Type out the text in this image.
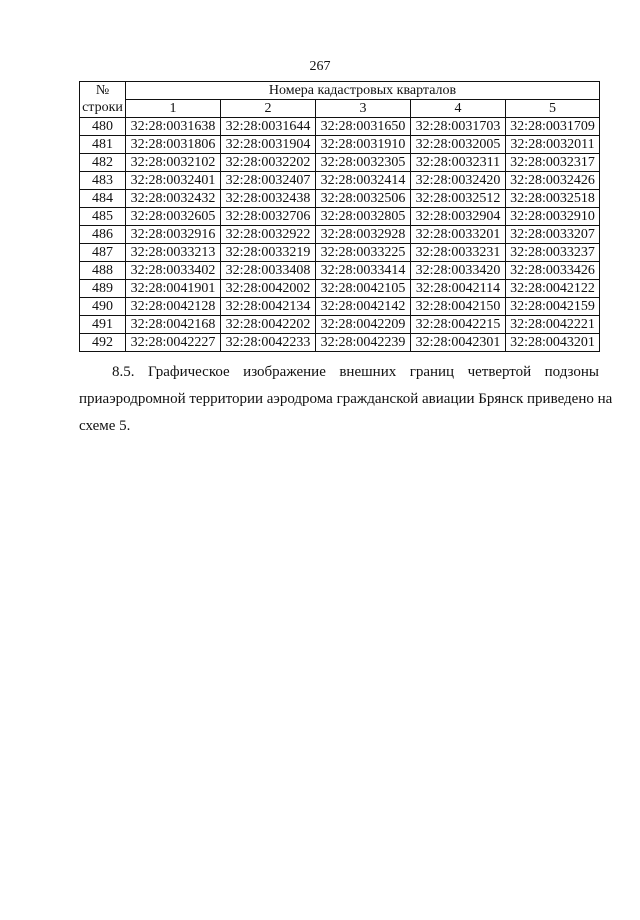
267
№
строки	Номера кадастровых кварталов				
	1	2	3	4	5
480	32:28:0031638	32:28:0031644	32:28:0031650	32:28:0031703	32:28:0031709
481	32:28:0031806	32:28:0031904	32:28:0031910	32:28:0032005	32:28:0032011
482	32:28:0032102	32:28:0032202	32:28:0032305	32:28:0032311	32:28:0032317
483	32:28:0032401	32:28:0032407	32:28:0032414	32:28:0032420	32:28:0032426
484	32:28:0032432	32:28:0032438	32:28:0032506	32:28:0032512	32:28:0032518
485	32:28:0032605	32:28:0032706	32:28:0032805	32:28:0032904	32:28:0032910
486	32:28:0032916	32:28:0032922	32:28:0032928	32:28:0033201	32:28:0033207
487	32:28:0033213	32:28:0033219	32:28:0033225	32:28:0033231	32:28:0033237
488	32:28:0033402	32:28:0033408	32:28:0033414	32:28:0033420	32:28:0033426
489	32:28:0041901	32:28:0042002	32:28:0042105	32:28:0042114	32:28:0042122
490	32:28:0042128	32:28:0042134	32:28:0042142	32:28:0042150	32:28:0042159
491	32:28:0042168	32:28:0042202	32:28:0042209	32:28:0042215	32:28:0042221
492	32:28:0042227	32:28:0042233	32:28:0042239	32:28:0042301	32:28:0043201
8.5. Графическое изображение внешних границ четвертой подзоны
приаэродромной территории аэродрома гражданской авиации Брянск приведено на
схеме 5.
